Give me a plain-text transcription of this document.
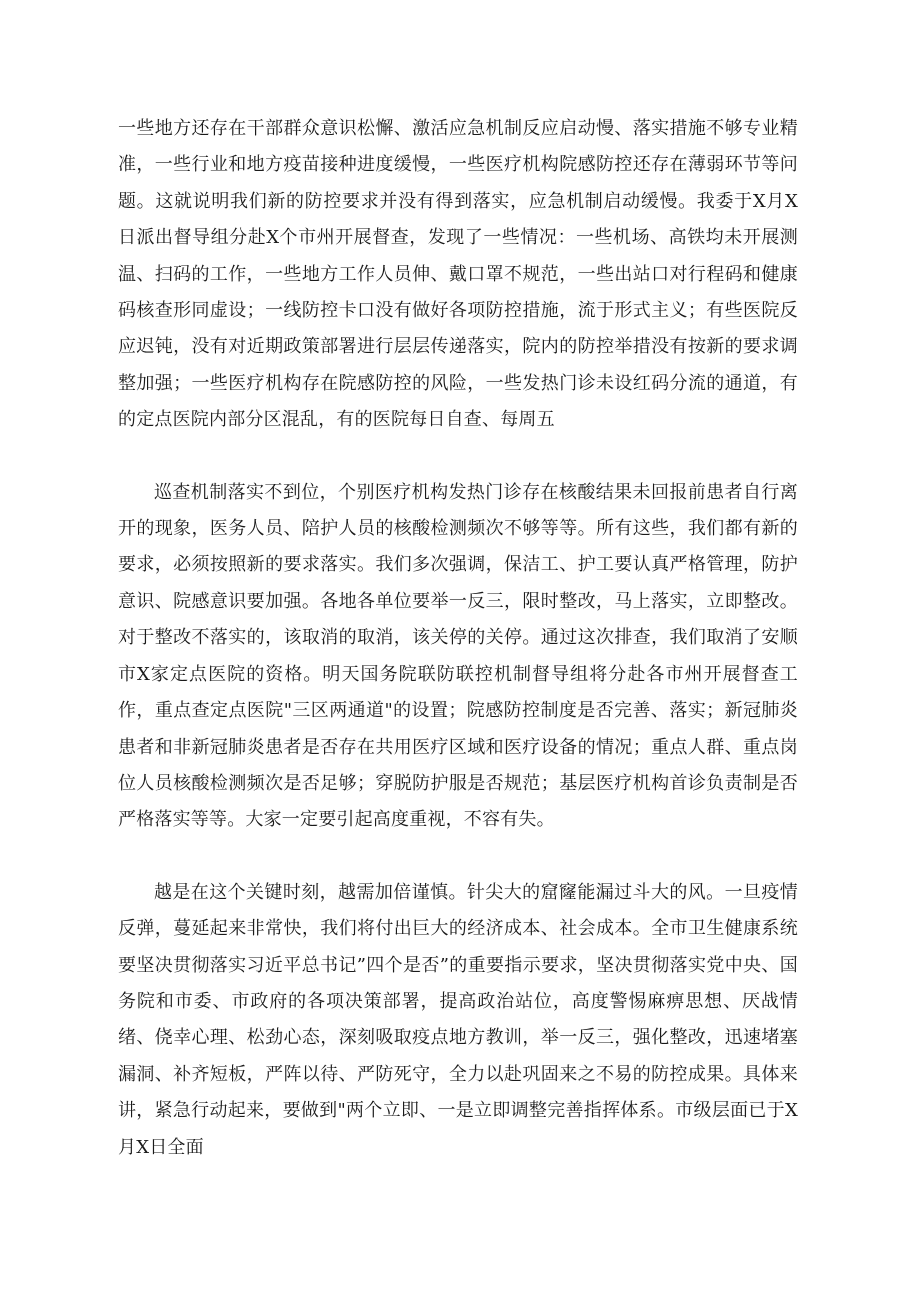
一些地方还存在干部群众意识松懈、激活应急机制反应启动慢、落实措施不够专业精准，一些行业和地方疫苗接种进度缓慢，一些医疗机构院感防控还存在薄弱环节等问题。这就说明我们新的防控要求并没有得到落实，应急机制启动缓慢。我委于X月X日派出督导组分赴X个市州开展督查，发现了一些情况：一些机场、高铁均未开展测温、扫码的工作，一些地方工作人员伸、戴口罩不规范，一些出站口对行程码和健康码核查形同虚设；一线防控卡口没有做好各项防控措施，流于形式主义；有些医院反应迟钝，没有对近期政策部署进行层层传递落实，院内的防控举措没有按新的要求调整加强；一些医疗机构存在院感防控的风险，一些发热门诊未设红码分流的通道，有的定点医院内部分区混乱，有的医院每日自查、每周五

巡查机制落实不到位，个别医疗机构发热门诊存在核酸结果未回报前患者自行离开的现象，医务人员、陪护人员的核酸检测频次不够等等。所有这些，我们都有新的要求，必须按照新的要求落实。我们多次强调，保洁工、护工要认真严格管理，防护意识、院感意识要加强。各地各单位要举一反三，限时整改，马上落实，立即整改。对于整改不落实的，该取消的取消，该关停的关停。通过这次排查，我们取消了安顺市X家定点医院的资格。明天国务院联防联控机制督导组将分赴各市州开展督查工作，重点查定点医院"三区两通道"的设置；院感防控制度是否完善、落实；新冠肺炎患者和非新冠肺炎患者是否存在共用医疗区域和医疗设备的情况；重点人群、重点岗位人员核酸检测频次是否足够；穿脱防护服是否规范；基层医疗机构首诊负责制是否严格落实等等。大家一定要引起高度重视，不容有失。

越是在这个关键时刻，越需加倍谨慎。针尖大的窟窿能漏过斗大的风。一旦疫情反弹，蔓延起来非常快，我们将付出巨大的经济成本、社会成本。全市卫生健康系统要坚决贯彻落实习近平总书记”四个是否”的重要指示要求，坚决贯彻落实党中央、国务院和市委、市政府的各项决策部署，提高政治站位，高度警惕麻痹思想、厌战情绪、侥幸心理、松劲心态，深刻吸取疫点地方教训，举一反三，强化整改，迅速堵塞漏洞、补齐短板，严阵以待、严防死守，全力以赴巩固来之不易的防控成果。具体来讲，紧急行动起来，要做到"两个立即、一是立即调整完善指挥体系。市级层面已于X月X日全面
